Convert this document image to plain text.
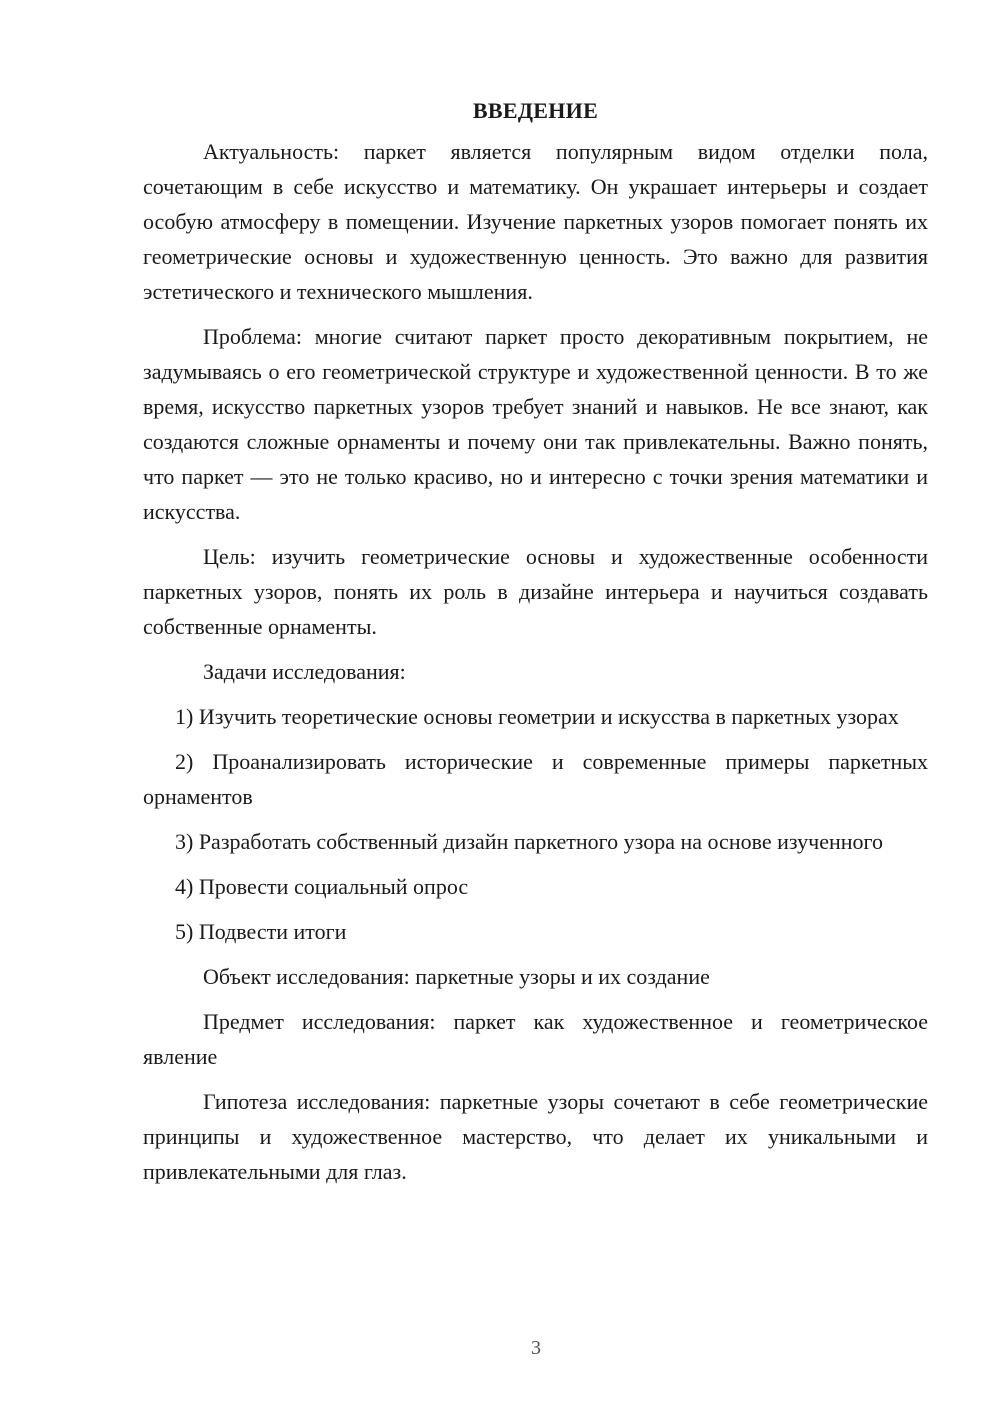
ВВЕДЕНИЕ

Актуальность: паркет является популярным видом отделки пола, сочетающим в себе искусство и математику. Он украшает интерьеры и создает особую атмосферу в помещении. Изучение паркетных узоров помогает понять их геометрические основы и художественную ценность. Это важно для развития эстетического и технического мышления.

Проблема: многие считают паркет просто декоративным покрытием, не задумываясь о его геометрической структуре и художественной ценности. В то же время, искусство паркетных узоров требует знаний и навыков. Не все знают, как создаются сложные орнаменты и почему они так привлекательны. Важно понять, что паркет — это не только красиво, но и интересно с точки зрения математики и искусства.

Цель: изучить геометрические основы и художественные особенности паркетных узоров, понять их роль в дизайне интерьера и научиться создавать собственные орнаменты.

Задачи исследования:

1) Изучить теоретические основы геометрии и искусства в паркетных узорах

2) Проанализировать исторические и современные примеры паркетных орнаментов

3) Разработать собственный дизайн паркетного узора на основе изученного

4) Провести социальный опрос

5) Подвести итоги

Объект исследования: паркетные узоры и их создание

Предмет исследования: паркет как художественное и геометрическое явление

Гипотеза исследования: паркетные узоры сочетают в себе геометрические принципы и художественное мастерство, что делает их уникальными и привлекательными для глаз.

3
